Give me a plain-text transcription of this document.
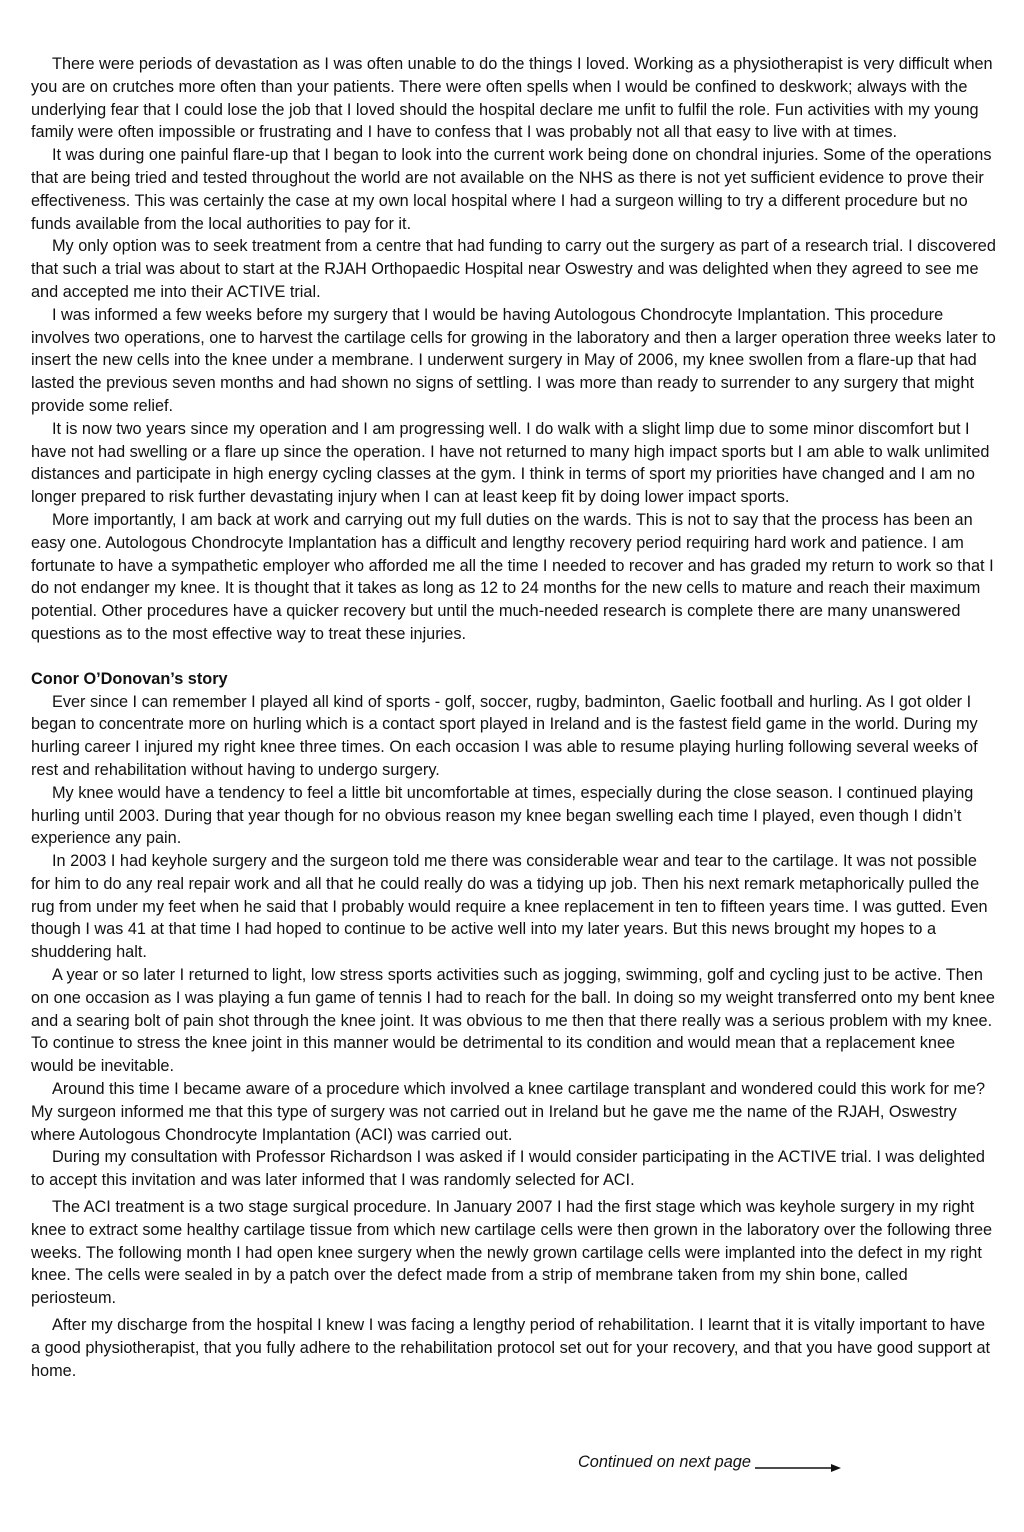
There were periods of devastation as I was often unable to do the things I loved. Working as a physiotherapist is very difficult when you are on crutches more often than your patients. There were often spells when I would be confined to deskwork; always with the underlying fear that I could lose the job that I loved should the hospital declare me unfit to fulfil the role. Fun activities with my young family were often impossible or frustrating and I have to confess that I was probably not all that easy to live with at times.

It was during one painful flare-up that I began to look into the current work being done on chondral injuries. Some of the operations that are being tried and tested throughout the world are not available on the NHS as there is not yet sufficient evidence to prove their effectiveness. This was certainly the case at my own local hospital where I had a surgeon willing to try a different procedure but no funds available from the local authorities to pay for it.

My only option was to seek treatment from a centre that had funding to carry out the surgery as part of a research trial. I discovered that such a trial was about to start at the RJAH Orthopaedic Hospital near Oswestry and was delighted when they agreed to see me and accepted me into their ACTIVE trial.

I was informed a few weeks before my surgery that I would be having Autologous Chondrocyte Implantation. This procedure involves two operations, one to harvest the cartilage cells for growing in the laboratory and then a larger operation three weeks later to insert the new cells into the knee under a membrane. I underwent surgery in May of 2006, my knee swollen from a flare-up that had lasted the previous seven months and had shown no signs of settling. I was more than ready to surrender to any surgery that might provide some relief.

It is now two years since my operation and I am progressing well. I do walk with a slight limp due to some minor discomfort but I have not had swelling or a flare up since the operation. I have not returned to many high impact sports but I am able to walk unlimited distances and participate in high energy cycling classes at the gym. I think in terms of sport my priorities have changed and I am no longer prepared to risk further devastating injury when I can at least keep fit by doing lower impact sports.

More importantly, I am back at work and carrying out my full duties on the wards. This is not to say that the process has been an easy one. Autologous Chondrocyte Implantation has a difficult and lengthy recovery period requiring hard work and patience. I am fortunate to have a sympathetic employer who afforded me all the time I needed to recover and has graded my return to work so that I do not endanger my knee. It is thought that it takes as long as 12 to 24 months for the new cells to mature and reach their maximum potential. Other procedures have a quicker recovery but until the much-needed research is complete there are many unanswered questions as to the most effective way to treat these injuries.

Conor O’Donovan’s story

Ever since I can remember I played all kind of sports - golf, soccer, rugby, badminton, Gaelic football and hurling. As I got older I began to concentrate more on hurling which is a contact sport played in Ireland and is the fastest field game in the world. During my hurling career I injured my right knee three times. On each occasion I was able to resume playing hurling following several weeks of rest and rehabilitation without having to undergo surgery.

My knee would have a tendency to feel a little bit uncomfortable at times, especially during the close season. I continued playing hurling until 2003. During that year though for no obvious reason my knee began swelling each time I played, even though I didn’t experience any pain.

In 2003 I had keyhole surgery and the surgeon told me there was considerable wear and tear to the cartilage. It was not possible for him to do any real repair work and all that he could really do was a tidying up job. Then his next remark metaphorically pulled the rug from under my feet when he said that I probably would require a knee replacement in ten to fifteen years time. I was gutted. Even though I was 41 at that time I had hoped to continue to be active well into my later years. But this news brought my hopes to a shuddering halt.

A year or so later I returned to light, low stress sports activities such as jogging, swimming, golf and cycling just to be active. Then on one occasion as I was playing a fun game of tennis I had to reach for the ball. In doing so my weight transferred onto my bent knee and a searing bolt of pain shot through the knee joint. It was obvious to me then that there really was a serious problem with my knee. To continue to stress the knee joint in this manner would be detrimental to its condition and would mean that a replacement knee would be inevitable.

Around this time I became aware of a procedure which involved a knee cartilage transplant and wondered could this work for me? My surgeon informed me that this type of surgery was not carried out in Ireland but he gave me the name of the RJAH, Oswestry where Autologous Chondrocyte Implantation (ACI) was carried out.

During my consultation with Professor Richardson I was asked if I would consider participating in the ACTIVE trial. I was delighted to accept this invitation and was later informed that I was randomly selected for ACI.

The ACI treatment is a two stage surgical procedure. In January 2007 I had the first stage which was keyhole surgery in my right knee to extract some healthy cartilage tissue from which new cartilage cells were then grown in the laboratory over the following three weeks. The following month I had open knee surgery when the newly grown cartilage cells were implanted into the defect in my right knee. The cells were sealed in by a patch over the defect made from a strip of membrane taken from my shin bone, called periosteum.

After my discharge from the hospital I knew I was facing a lengthy period of rehabilitation. I learnt that it is vitally important to have a good physiotherapist, that you fully adhere to the rehabilitation protocol set out for your recovery, and that you have good support at home.

Continued on next page
